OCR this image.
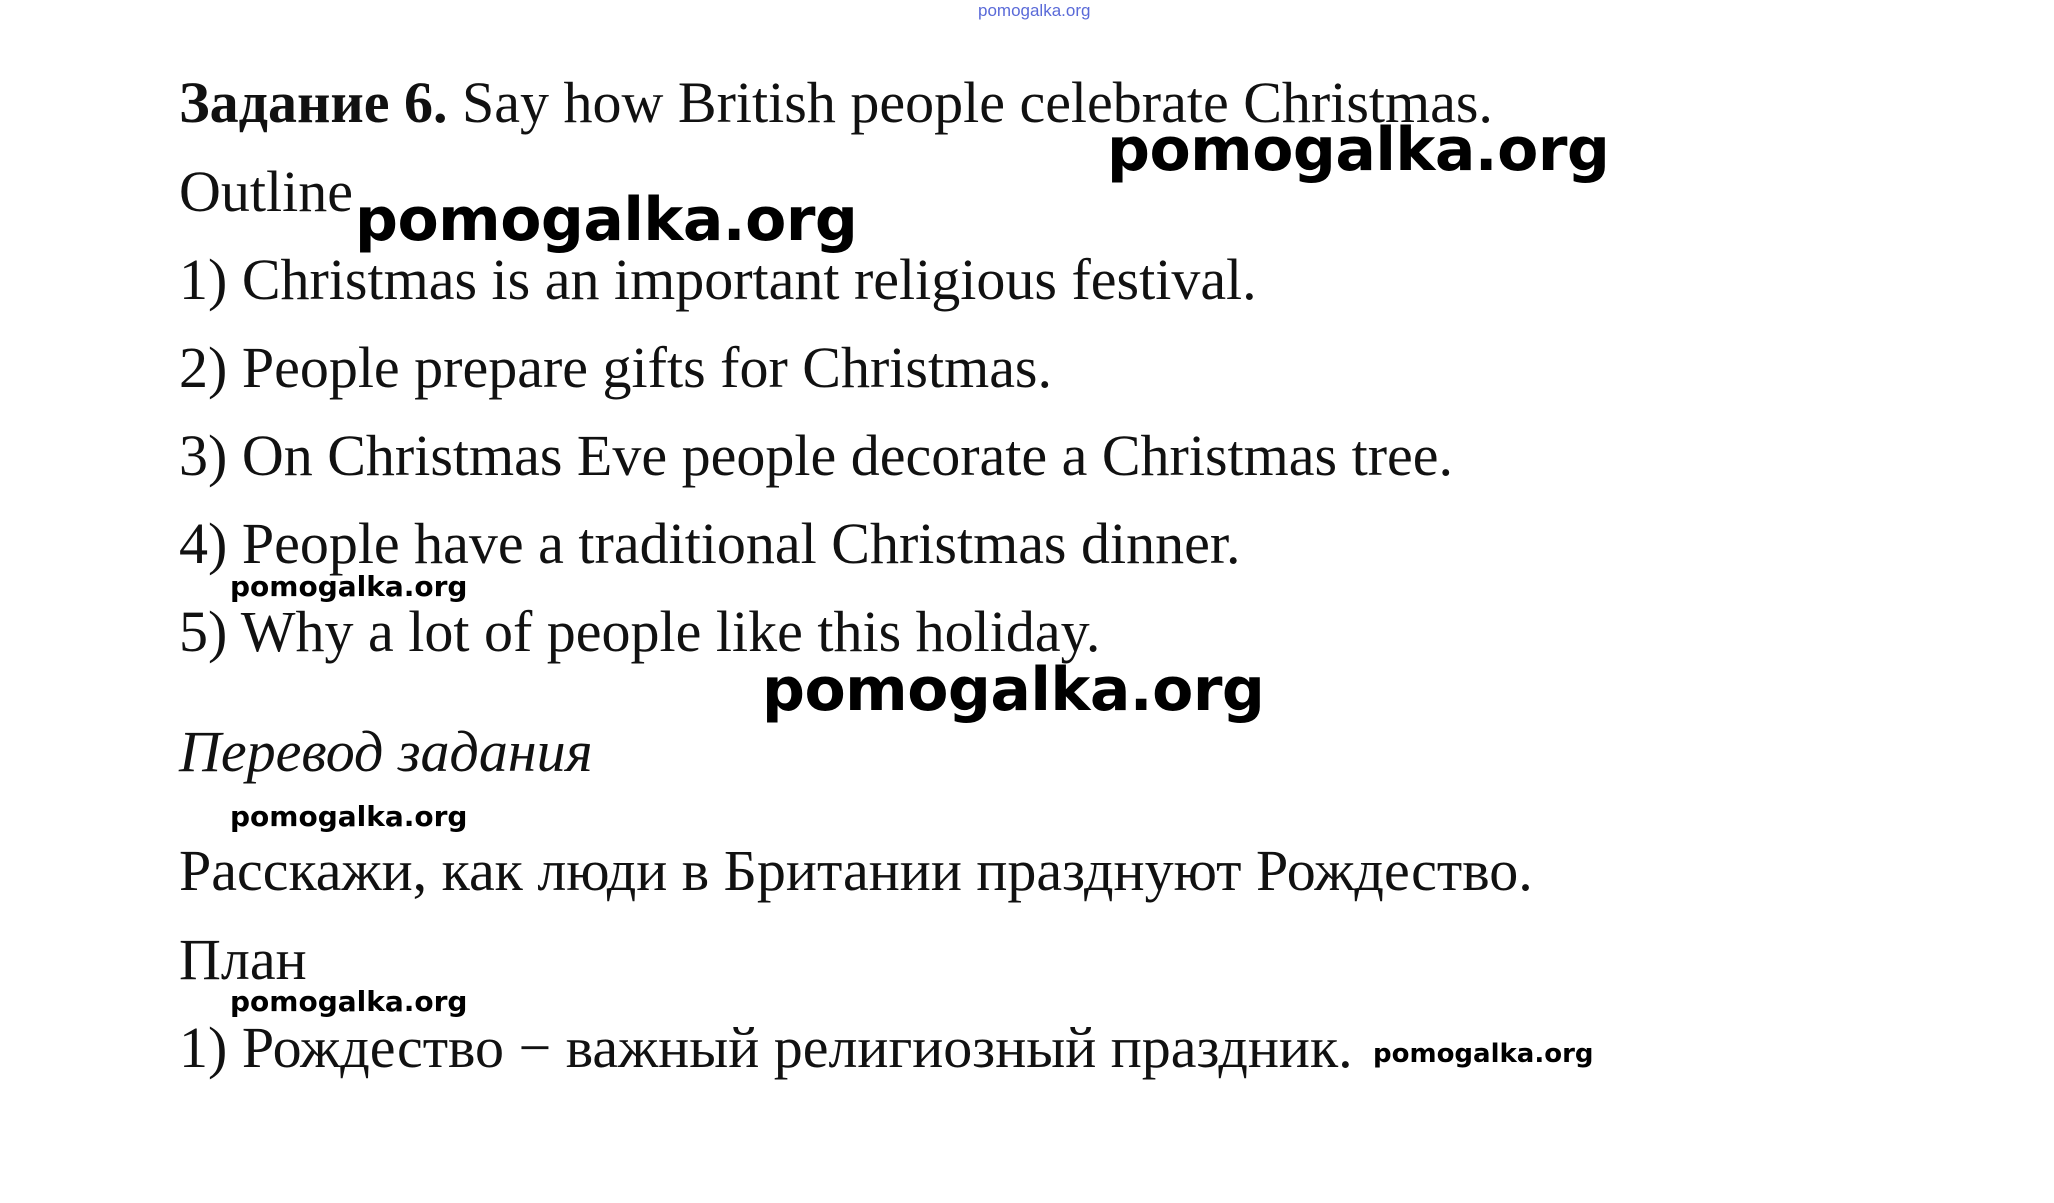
pomogalka.org
Задание 6. Say how British people celebrate Christmas.
Outline
1) Christmas is an important religious festival.
2) People prepare gifts for Christmas.
3) On Christmas Eve people decorate a Christmas tree.
4) People have a traditional Christmas dinner.
5) Why a lot of people like this holiday.
Перевод задания
Расскажи, как люди в Британии празднуют Рождество.
План
1) Рождество − важный религиозный праздник.
pomogalka.org
pomogalka.org
pomogalka.org
pomogalka.org
pomogalka.org
pomogalka.org
pomogalka.org
